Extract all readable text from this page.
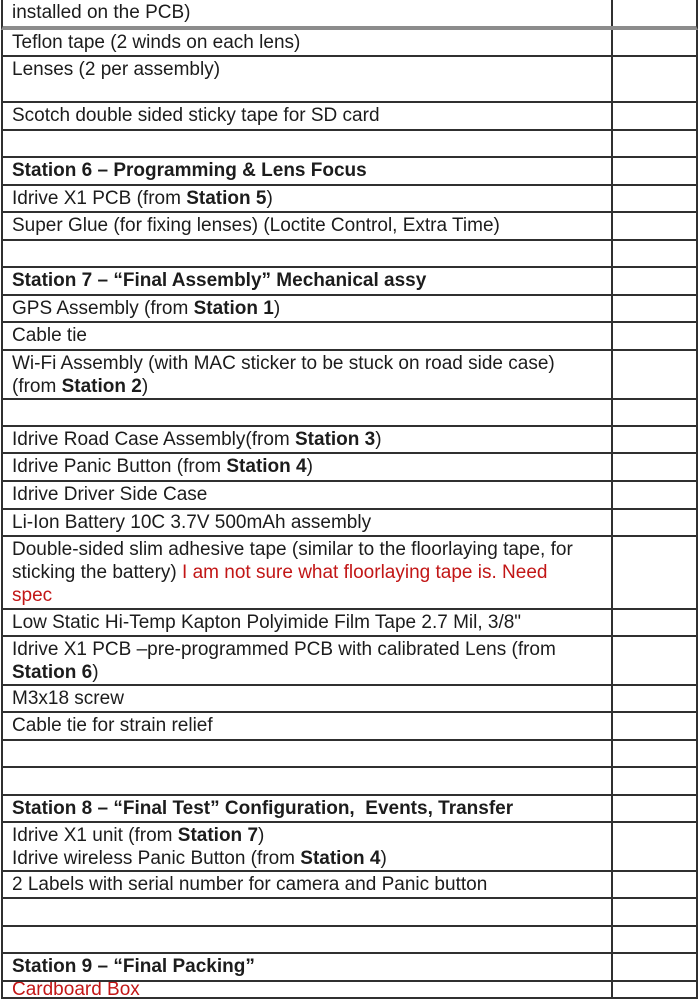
installed on the PCB)
Teflon tape (2 winds on each lens)
Lenses (2 per assembly)
Scotch double sided sticky tape for SD card
Station 6 – Programming & Lens Focus
Idrive X1 PCB (from Station 5)
Super Glue (for fixing lenses) (Loctite Control, Extra Time)
Station 7 – “Final Assembly” Mechanical assy
GPS Assembly (from Station 1)
Cable tie
Wi-Fi Assembly (with MAC sticker to be stuck on road side case)
(from Station 2)
Idrive Road Case Assembly(from Station 3)
Idrive Panic Button (from Station 4)
Idrive Driver Side Case
Li-Ion Battery 10C 3.7V 500mAh assembly
Double-sided slim adhesive tape (similar to the floorlaying tape, for
sticking the battery) I am not sure what floorlaying tape is. Need
spec
Low Static Hi-Temp Kapton Polyimide Film Tape 2.7 Mil, 3/8"
Idrive X1 PCB –pre-programmed PCB with calibrated Lens (from
Station 6)
M3x18 screw
Cable tie for strain relief
Station 8 – “Final Test” Configuration,  Events, Transfer
Idrive X1 unit (from Station 7)
Idrive wireless Panic Button (from Station 4)
2 Labels with serial number for camera and Panic button
Station 9 – “Final Packing”
Cardboard Box
